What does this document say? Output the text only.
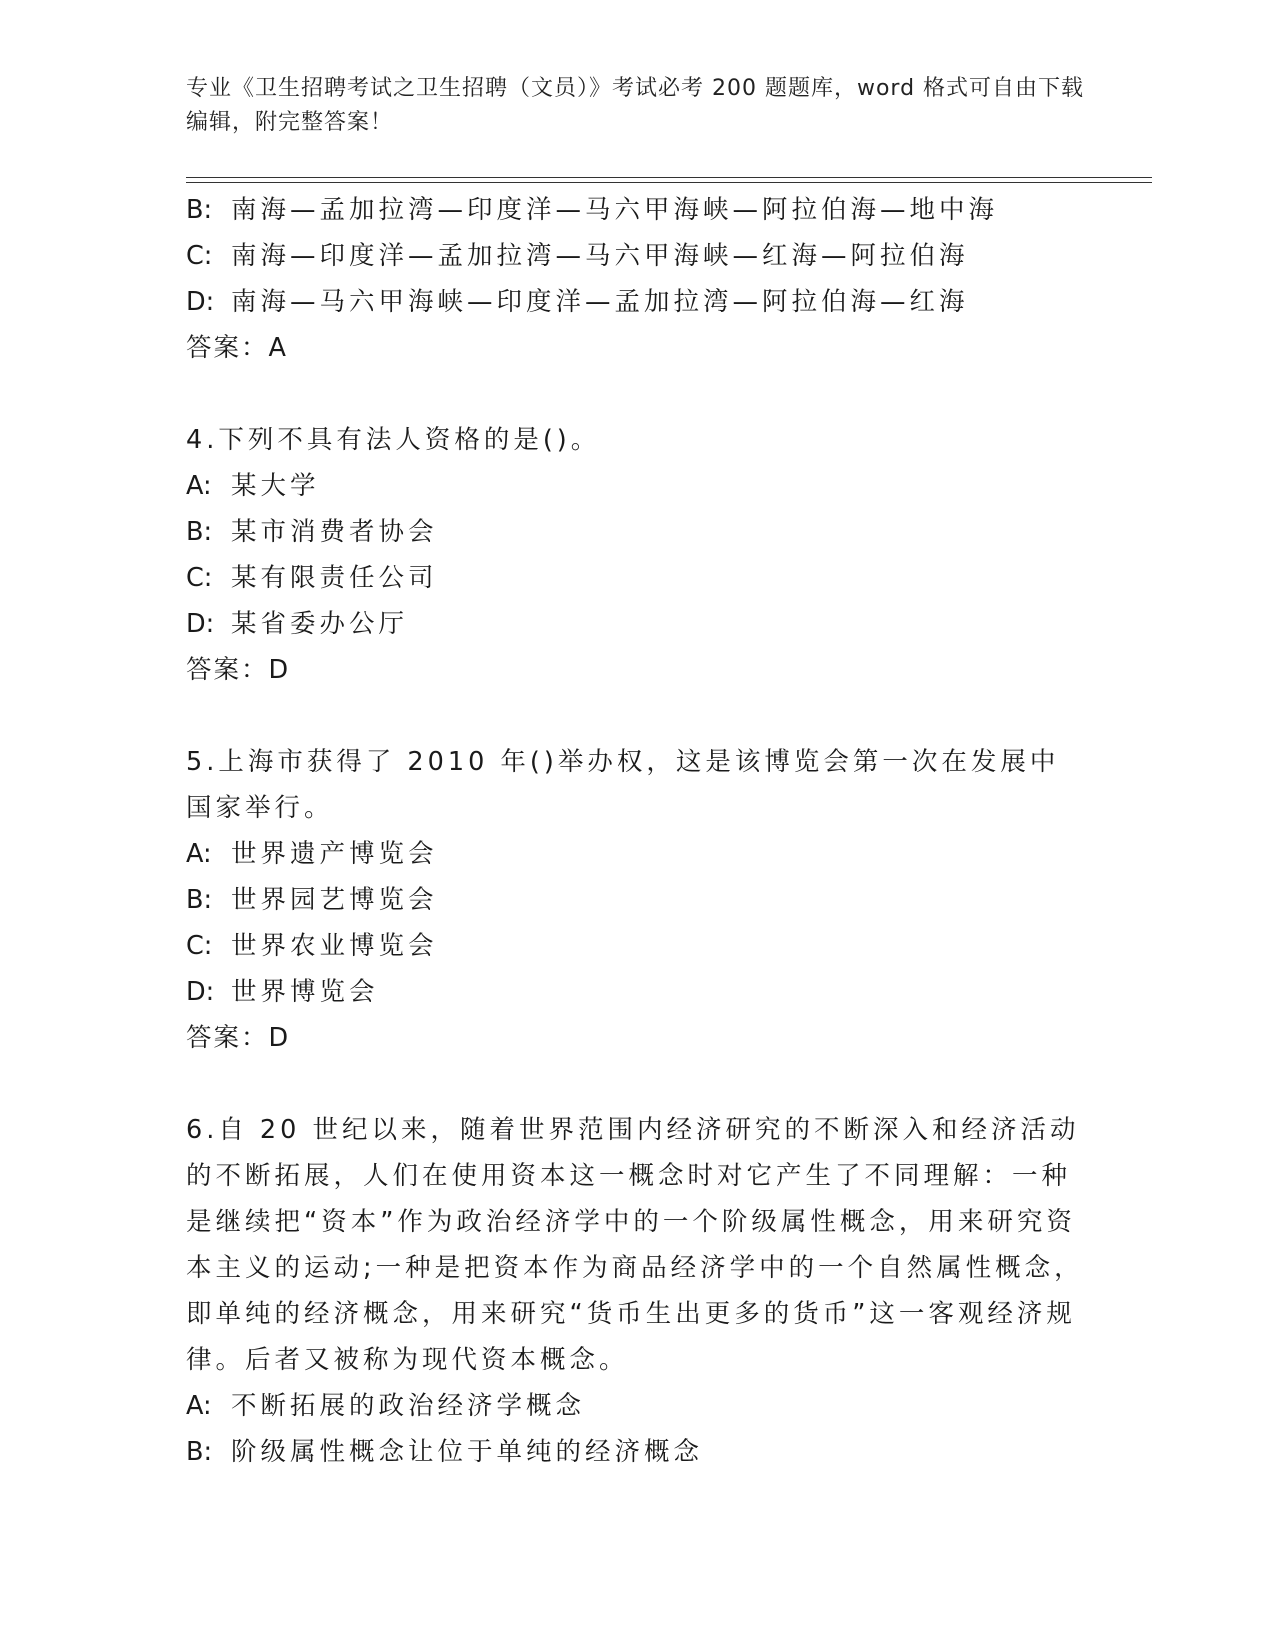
专业《卫生招聘考试之卫生招聘（文员）》考试必考 200 题题库，word 格式可自由下载编辑，附完整答案！
B: 南海—孟加拉湾—印度洋—马六甲海峡—阿拉伯海—地中海
C: 南海—印度洋—孟加拉湾—马六甲海峡—红海—阿拉伯海
D: 南海—马六甲海峡—印度洋—孟加拉湾—阿拉伯海—红海
答案：A
4.下列不具有法人资格的是()。
A: 某大学
B: 某市消费者协会
C: 某有限责任公司
D: 某省委办公厅
答案：D
5.上海市获得了 2010 年()举办权，这是该博览会第一次在发展中国家举行。
A: 世界遗产博览会
B: 世界园艺博览会
C: 世界农业博览会
D: 世界博览会
答案：D
6.自 20 世纪以来，随着世界范围内经济研究的不断深入和经济活动的不断拓展，人们在使用资本这一概念时对它产生了不同理解：一种是继续把“资本”作为政治经济学中的一个阶级属性概念，用来研究资本主义的运动;一种是把资本作为商品经济学中的一个自然属性概念，即单纯的经济概念，用来研究“货币生出更多的货币”这一客观经济规律。后者又被称为现代资本概念。
A: 不断拓展的政治经济学概念
B: 阶级属性概念让位于单纯的经济概念
